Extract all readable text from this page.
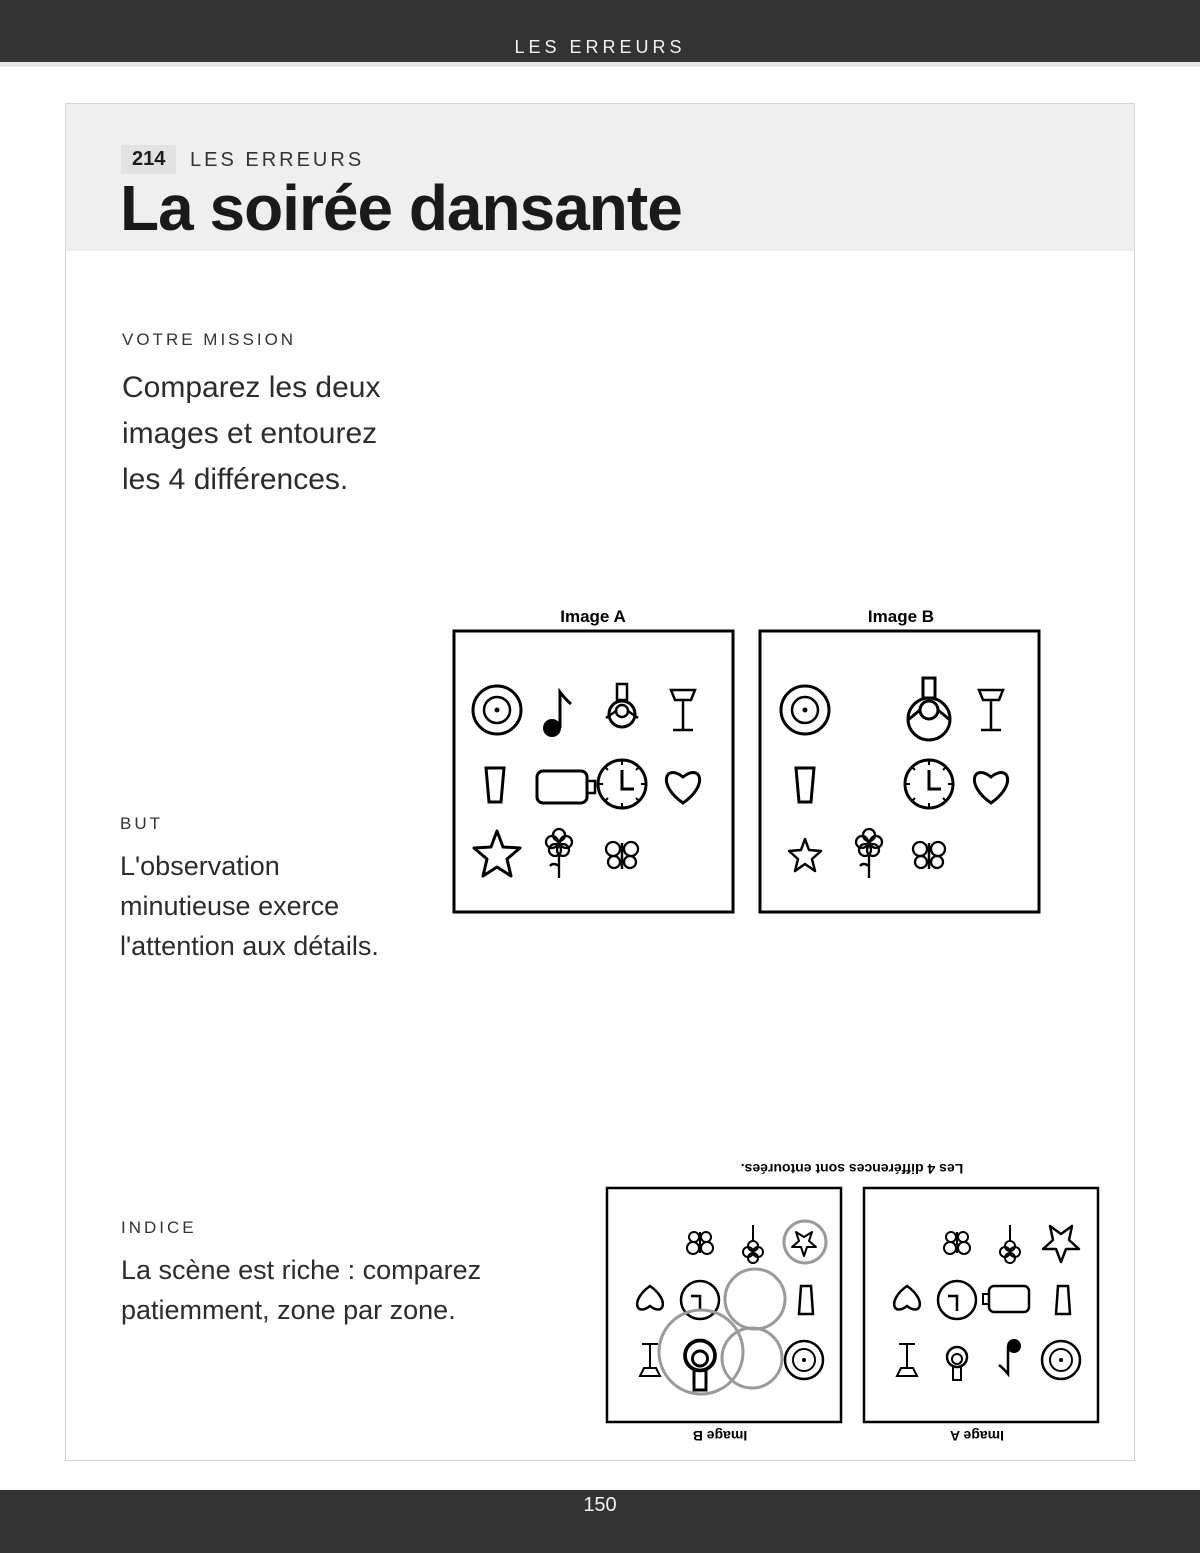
LES ERREURS
214	LES ERREURS
La soirée dansante
VOTRE MISSION
Comparez les deux
images et entourez
les 4 différences.
BUT
L'observation
minutieuse exerce
l'attention aux détails.
INDICE
La scène est riche : comparez
patiemment, zone par zone.
Image A	Image B
Les 4 différences sont entourées.
Image A
Image B
150
